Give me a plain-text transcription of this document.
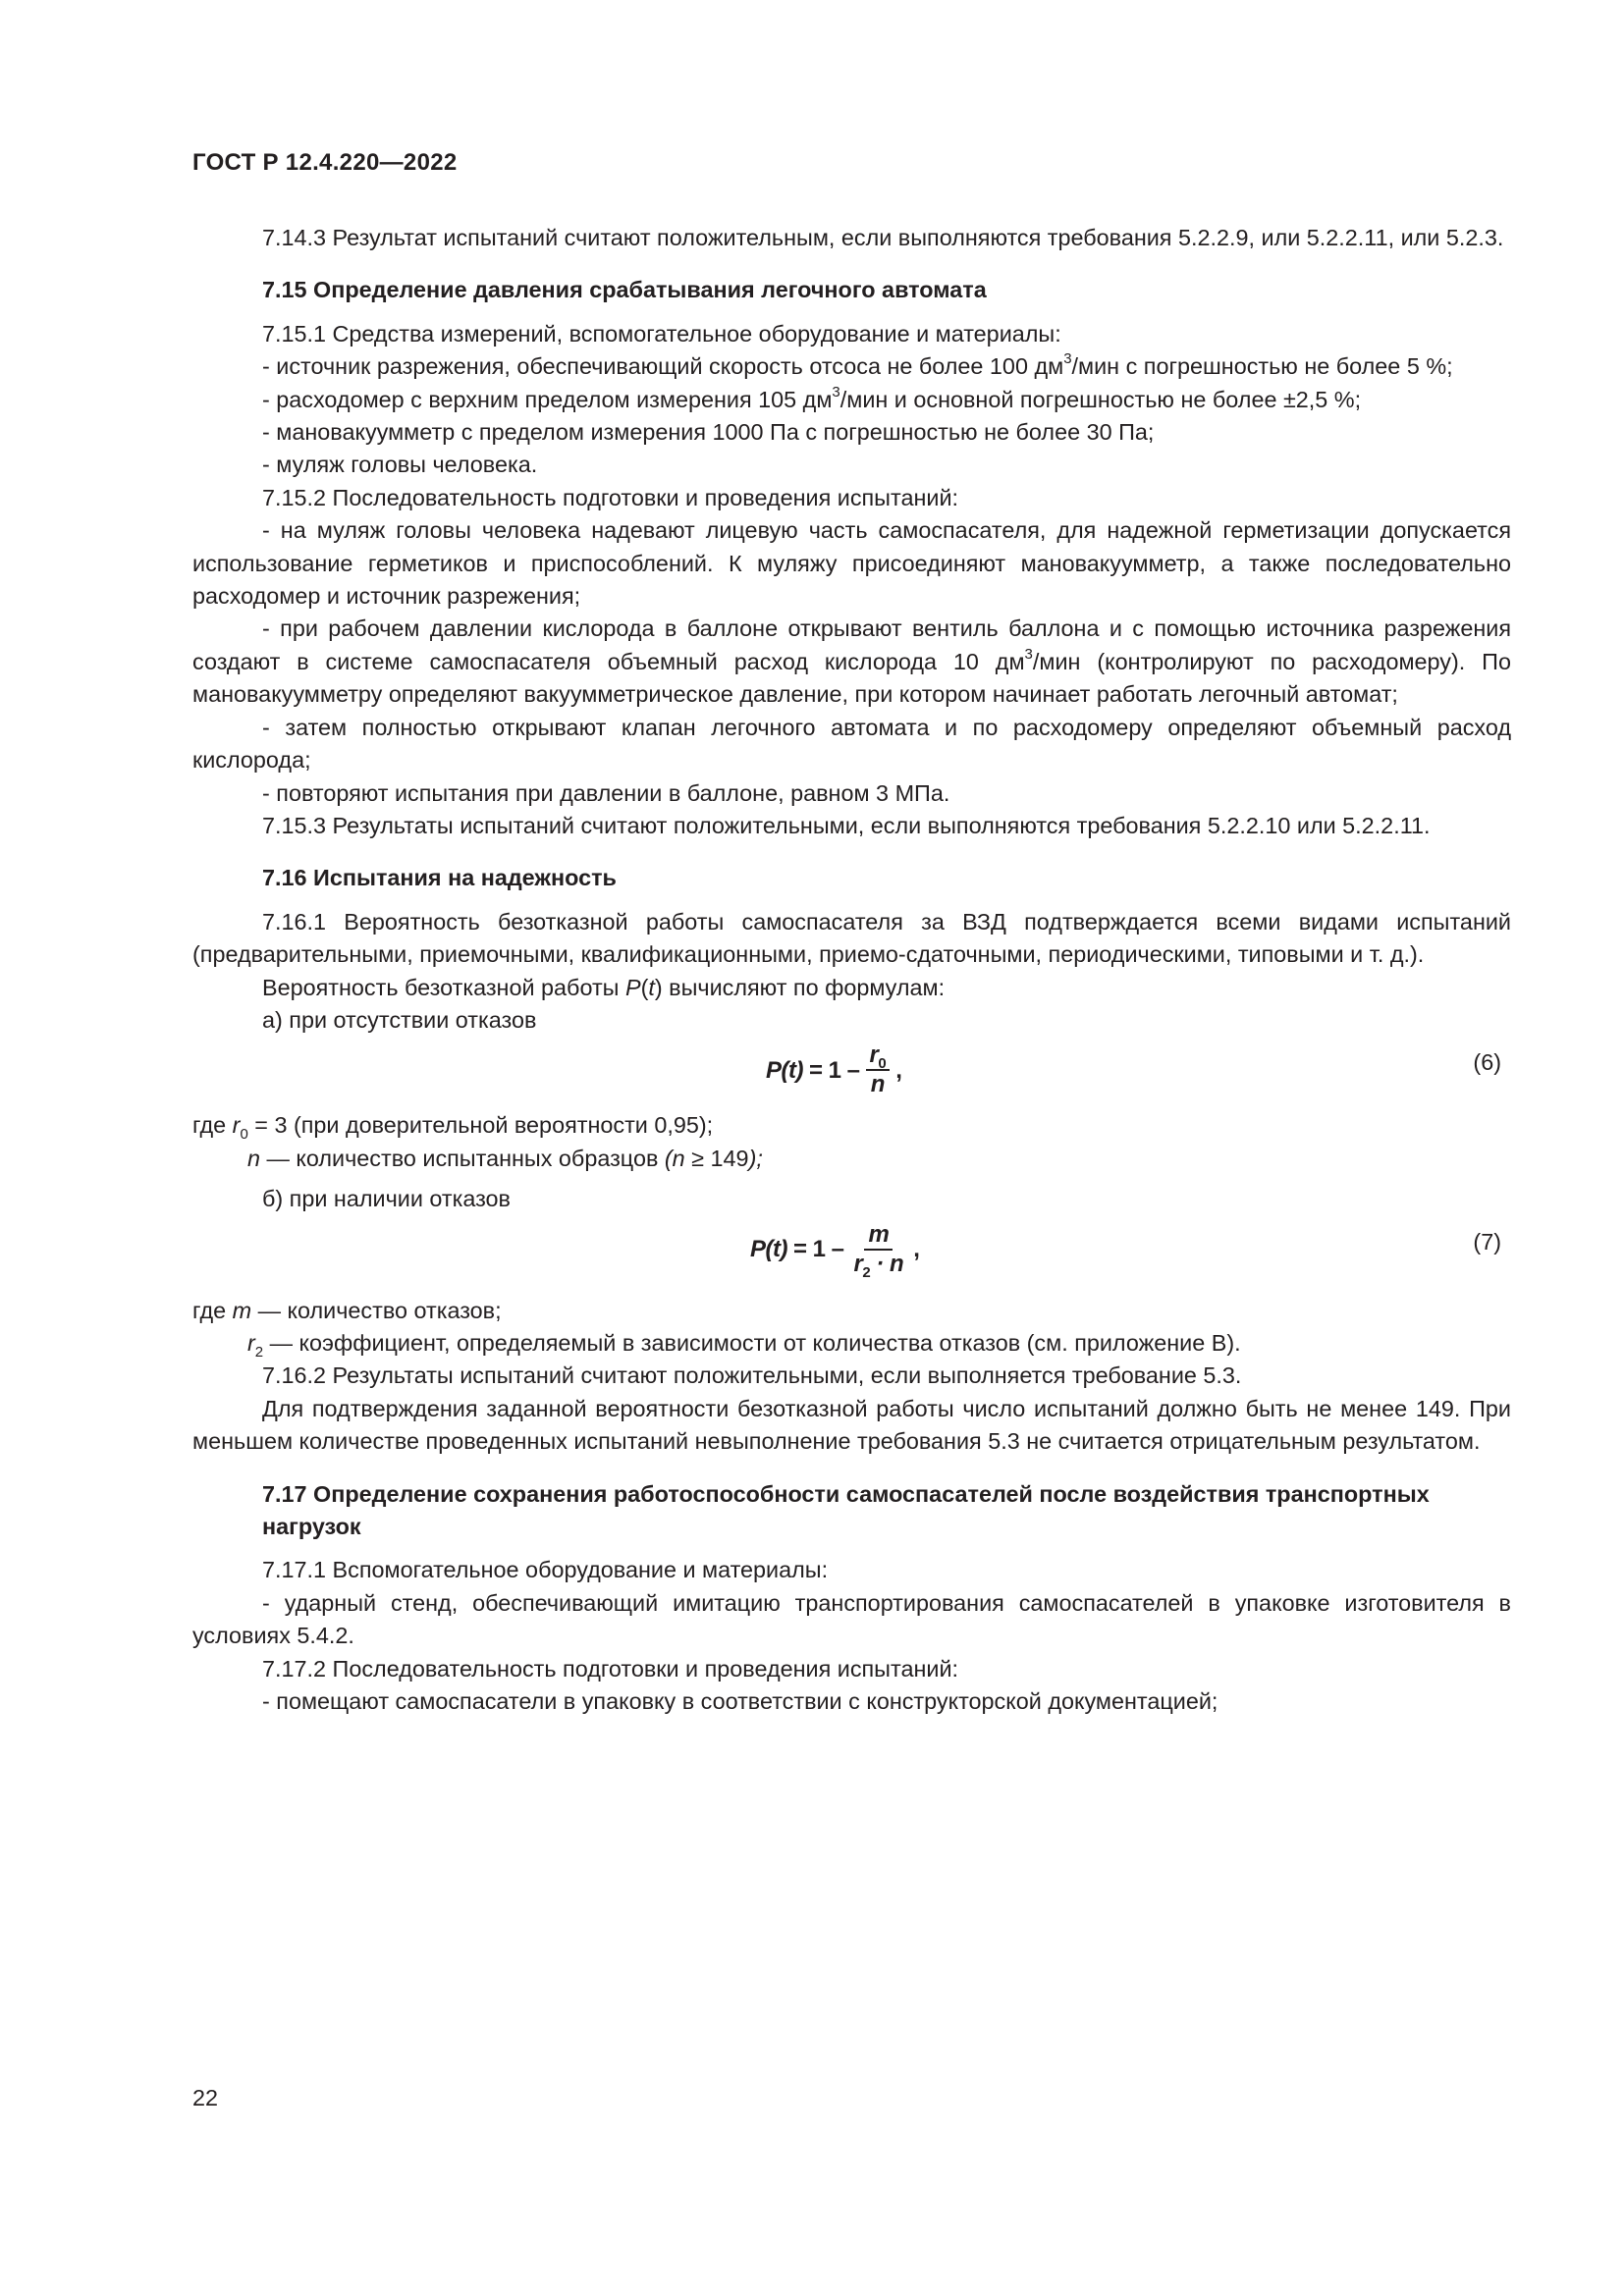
ГОСТ Р 12.4.220—2022

7.14.3 Результат испытаний считают положительным, если выполняются требования 5.2.2.9, или 5.2.2.11, или 5.2.3.

7.15 Определение давления срабатывания легочного автомата

7.15.1 Средства измерений, вспомогательное оборудование и материалы:

- источник разрежения, обеспечивающий скорость отсоса не более 100 $дм^3$/мин с погрешностью не более 5 %;

- расходомер с верхним пределом измерения 105 $дм^3$/мин и основной погрешностью не более ±2,5 %;

- мановакуумметр с пределом измерения 1000 Па с погрешностью не более 30 Па;

- муляж головы человека.

7.15.2 Последовательность подготовки и проведения испытаний:

- на муляж головы человека надевают лицевую часть самоспасателя, для надежной герметизации допускается использование герметиков и приспособлений. К муляжу присоединяют мановакуумметр, а также последовательно расходомер и источник разрежения;

- при рабочем давлении кислорода в баллоне открывают вентиль баллона и с помощью источника разрежения создают в системе самоспасателя объемный расход кислорода 10 $дм^3$/мин (контролируют по расходомеру). По мановакуумметру определяют вакуумметрическое давление, при котором начинает работать легочный автомат;

- затем полностью открывают клапан легочного автомата и по расходомеру определяют объемный расход кислорода;

- повторяют испытания при давлении в баллоне, равном 3 МПа.

7.15.3 Результаты испытаний считают положительными, если выполняются требования 5.2.2.10 или 5.2.2.11.

7.16 Испытания на надежность

7.16.1 Вероятность безотказной работы самоспасателя за ВЗД подтверждается всеми видами испытаний (предварительными, приемочными, квалификационными, приемо-сдаточными, периодическими, типовыми и т. д.).

Вероятность безотказной работы P(t) вычисляют по формулам:

а) при отсутствии отказов

$P(t) = 1 - \frac{r_0}{n}$ ,	(6)

где $r_0 = 3$ (при доверительной вероятности 0,95);

n — количество испытанных образцов (n ≥ 149);

б) при наличии отказов

$P(t) = 1 - \frac{m}{r_2 \cdot n}$ ,	(7)

где m — количество отказов;

$r_2$ — коэффициент, определяемый в зависимости от количества отказов (см. приложение В).

7.16.2 Результаты испытаний считают положительными, если выполняется требование 5.3.

Для подтверждения заданной вероятности безотказной работы число испытаний должно быть не менее 149. При меньшем количестве проведенных испытаний невыполнение требования 5.3 не считается отрицательным результатом.

7.17 Определение сохранения работоспособности самоспасателей после воздействия транспортных нагрузок

7.17.1 Вспомогательное оборудование и материалы:

- ударный стенд, обеспечивающий имитацию транспортирования самоспасателей в упаковке изготовителя в условиях 5.4.2.

7.17.2 Последовательность подготовки и проведения испытаний:

- помещают самоспасатели в упаковку в соответствии с конструкторской документацией;

22
